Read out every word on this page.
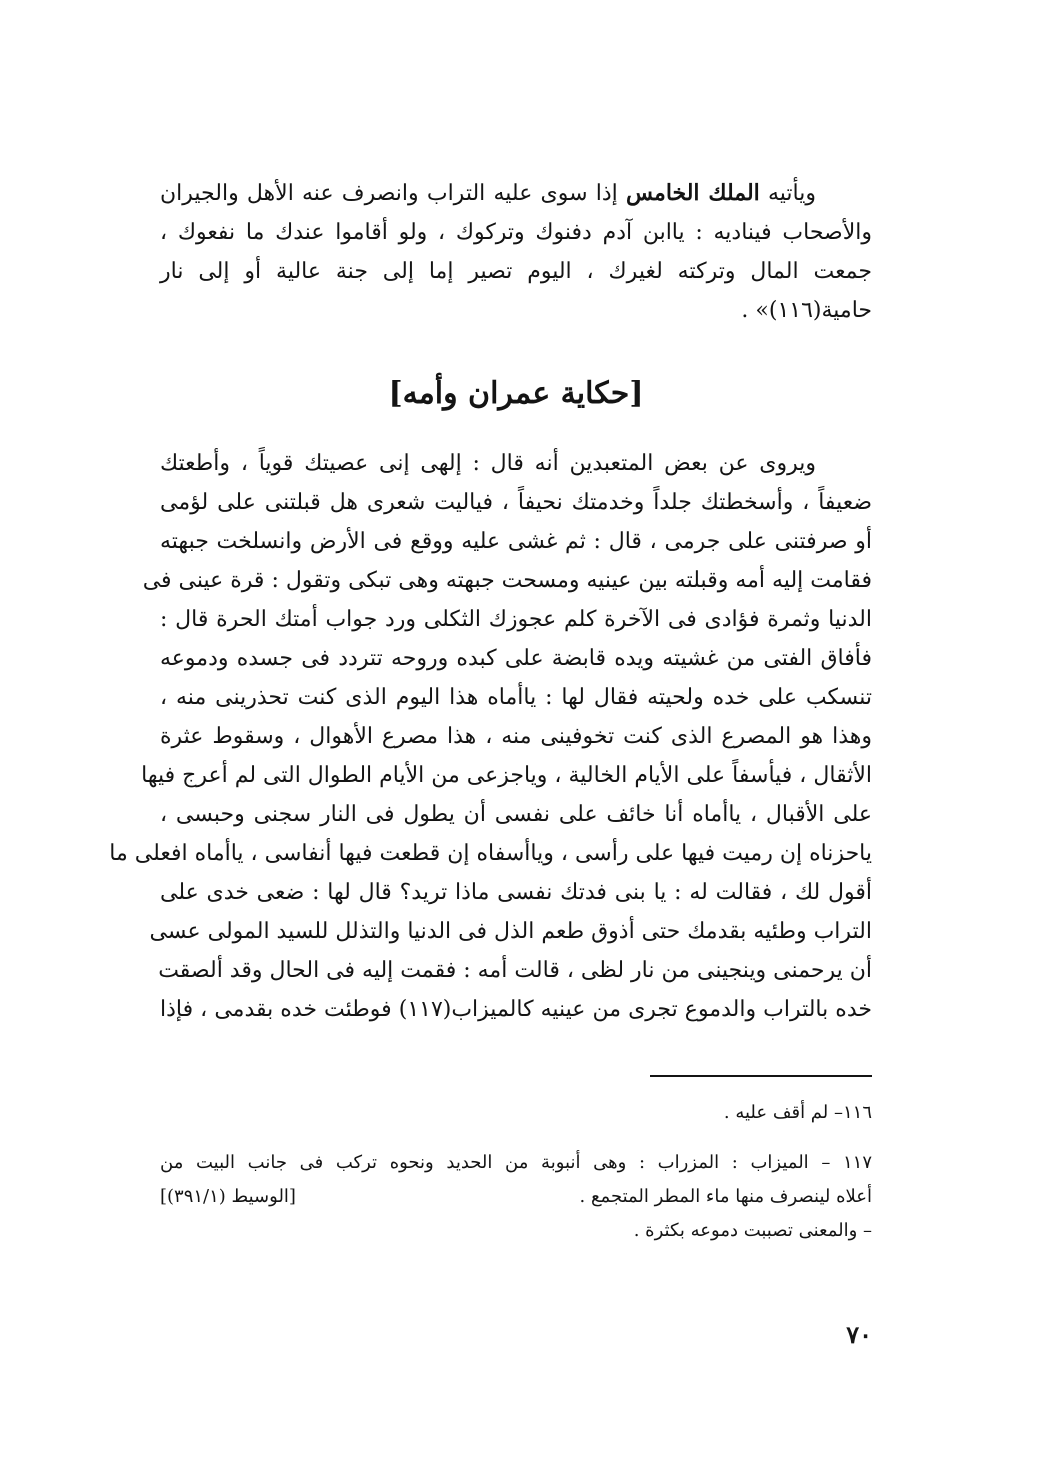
ويأتيه الملك الخامس إذا سوى عليه التراب وانصرف عنه الأهل والجيران
والأصحاب فيناديه : ياابن آدم دفنوك وتركوك ، ولو أقاموا عندك ما نفعوك ،
جمعت المال وتركته لغيرك ، اليوم تصير إما إلى جنة عالية أو إلى نار
حامية(١١٦)» .
[حكاية عمران وأمه]
ويروى عن بعض المتعبدين أنه قال : إلهى إنى عصيتك قوياً ، وأطعتك
ضعيفاً ، وأسخطتك جلداً وخدمتك نحيفاً ، فياليت شعرى هل قبلتنى على لؤمى
أو صرفتنى على جرمى ، قال : ثم غشى عليه ووقع فى الأرض وانسلخت جبهته
فقامت إليه أمه وقبلته بين عينيه ومسحت جبهته وهى تبكى وتقول : قرة عينى فى
الدنيا وثمرة فؤادى فى الآخرة كلم عجوزك الثكلى ورد جواب أمتك الحرة قال :
فأفاق الفتى من غشيته ويده قابضة على كبده وروحه تتردد فى جسده ودموعه
تنسكب على خده ولحيته فقال لها : ياأماه هذا اليوم الذى كنت تحذرينى منه ،
وهذا هو المصرع الذى كنت تخوفينى منه ، هذا مصرع الأهوال ، وسقوط عثرة
الأثقال ، فيأسفاً على الأيام الخالية ، وياجزعى من الأيام الطوال التى لم أعرج فيها
على الأقبال ، ياأماه أنا خائف على نفسى أن يطول فى النار سجنى وحبسى ،
ياحزناه إن رميت فيها على رأسى ، وياأسفاه إن قطعت فيها أنفاسى ، ياأماه افعلى ما
أقول لك ، فقالت له : يا بنى فدتك نفسى ماذا تريد؟ قال لها : ضعى خدى على
التراب وطئيه بقدمك حتى أذوق طعم الذل فى الدنيا والتذلل للسيد المولى عسى
أن يرحمنى وينجينى من نار لظى ، قالت أمه : فقمت إليه فى الحال وقد ألصقت
خده بالتراب والدموع تجرى من عينيه كالميزاب(١١٧) فوطئت خده بقدمى ، فإذا
١١٦– لم أقف عليه .
١١٧ – الميزاب : المزراب : وهى أنبوبة من الحديد ونحوه تركب فى جانب البيت من
أعلاه لينصرف منها ماء المطر المتجمع .
[الوسيط (٣٩١/١)]
– والمعنى تصببت دموعه بكثرة .
٧٠
